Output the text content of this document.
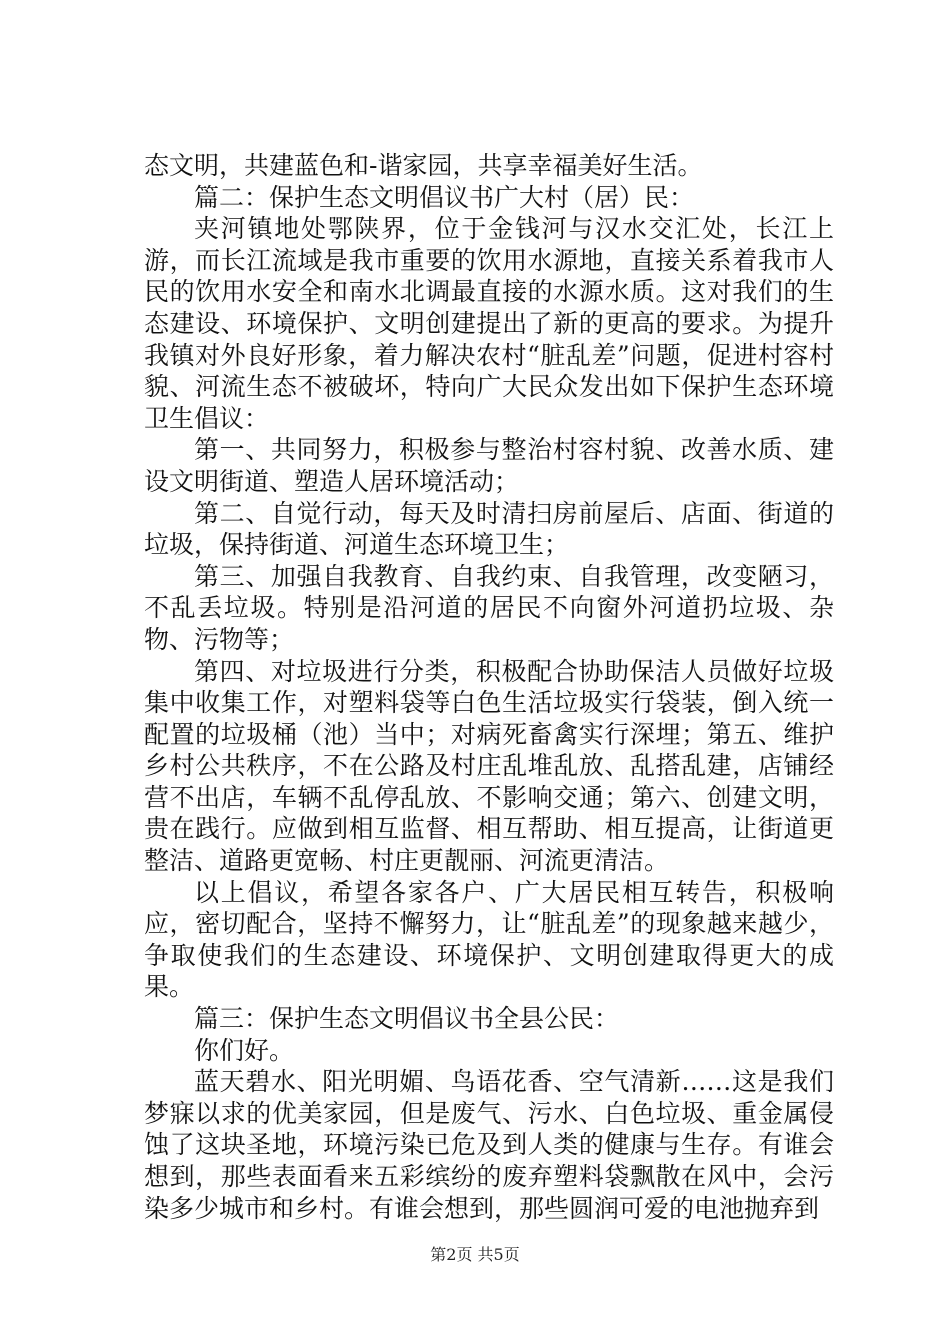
态文明，共建蓝色和-谐家园，共享幸福美好生活。

篇二：保护生态文明倡议书广大村（居）民：

夹河镇地处鄂陕界，位于金钱河与汉水交汇处，长江上游，而长江流域是我市重要的饮用水源地，直接关系着我市人民的饮用水安全和南水北调最直接的水源水质。这对我们的生态建设、环境保护、文明创建提出了新的更高的要求。为提升我镇对外良好形象，着力解决农村“脏乱差”问题，促进村容村貌、河流生态不被破坏，特向广大民众发出如下保护生态环境卫生倡议：

第一、共同努力，积极参与整治村容村貌、改善水质、建设文明街道、塑造人居环境活动；

第二、自觉行动，每天及时清扫房前屋后、店面、街道的垃圾，保持街道、河道生态环境卫生；

第三、加强自我教育、自我约束、自我管理，改变陋习，不乱丢垃圾。特别是沿河道的居民不向窗外河道扔垃圾、杂物、污物等；

第四、对垃圾进行分类，积极配合协助保洁人员做好垃圾集中收集工作，对塑料袋等白色生活垃圾实行袋装，倒入统一配置的垃圾桶（池）当中；对病死畜禽实行深埋；第五、维护乡村公共秩序，不在公路及村庄乱堆乱放、乱搭乱建，店铺经营不出店，车辆不乱停乱放、不影响交通；第六、创建文明，贵在践行。应做到相互监督、相互帮助、相互提高，让街道更整洁、道路更宽畅、村庄更靓丽、河流更清洁。

以上倡议，希望各家各户、广大居民相互转告，积极响应，密切配合，坚持不懈努力，让“脏乱差”的现象越来越少，争取使我们的生态建设、环境保护、文明创建取得更大的成果。

篇三：保护生态文明倡议书全县公民：

你们好。

蓝天碧水、阳光明媚、鸟语花香、空气清新……这是我们梦寐以求的优美家园，但是废气、污水、白色垃圾、重金属侵蚀了这块圣地，环境污染已危及到人类的健康与生存。有谁会想到，那些表面看来五彩缤纷的废弃塑料袋飘散在风中，会污染多少城市和乡村。有谁会想到，那些圆润可爱的电池抛弃到

第2页 共5页
